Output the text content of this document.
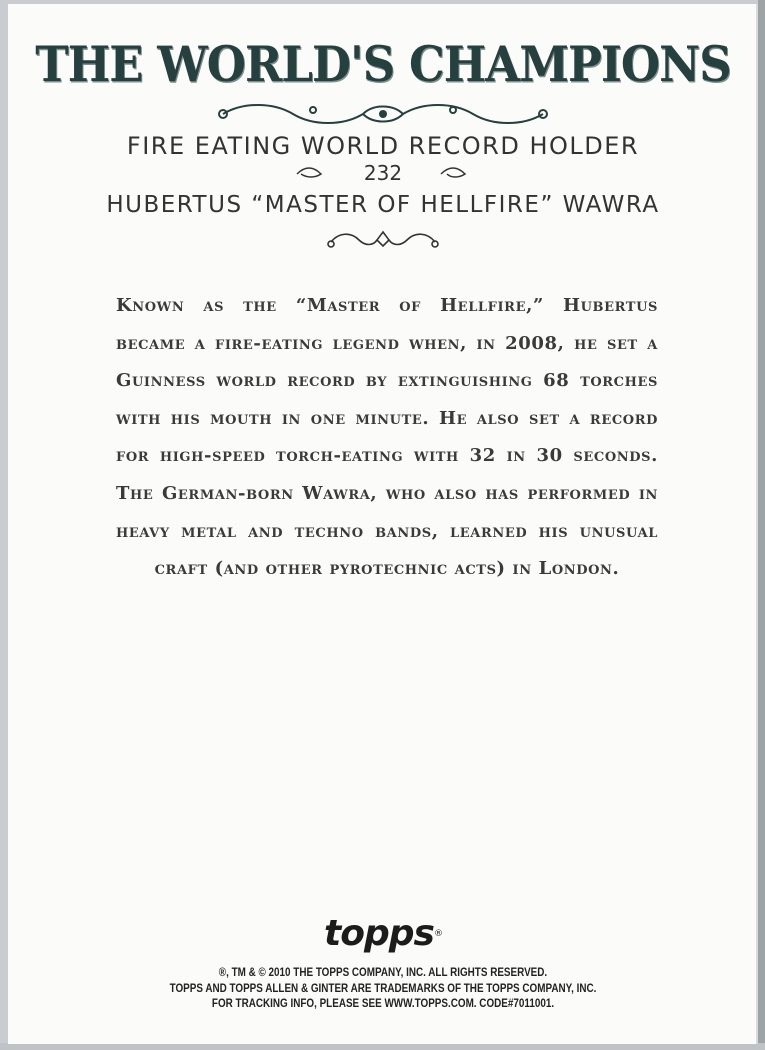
THE WORLD'S CHAMPIONS
FIRE EATING WORLD RECORD HOLDER
232
HUBERTUS “MASTER OF HELLFIRE” WAWRA

Known as the “Master of Hellfire,” Hubertus became a fire-eating legend when, in 2008, he set a Guinness world record by extinguishing 68 torches with his mouth in one minute. He also set a record for high-speed torch-eating with 32 in 30 seconds. The German-born Wawra, who also has performed in heavy metal and techno bands, learned his unusual craft (and other pyrotechnic acts) in London.

topps®
®, TM & © 2010 THE TOPPS COMPANY, INC. ALL RIGHTS RESERVED.
TOPPS AND TOPPS ALLEN & GINTER ARE TRADEMARKS OF THE TOPPS COMPANY, INC.
FOR TRACKING INFO, PLEASE SEE WWW.TOPPS.COM. CODE#7011001.
